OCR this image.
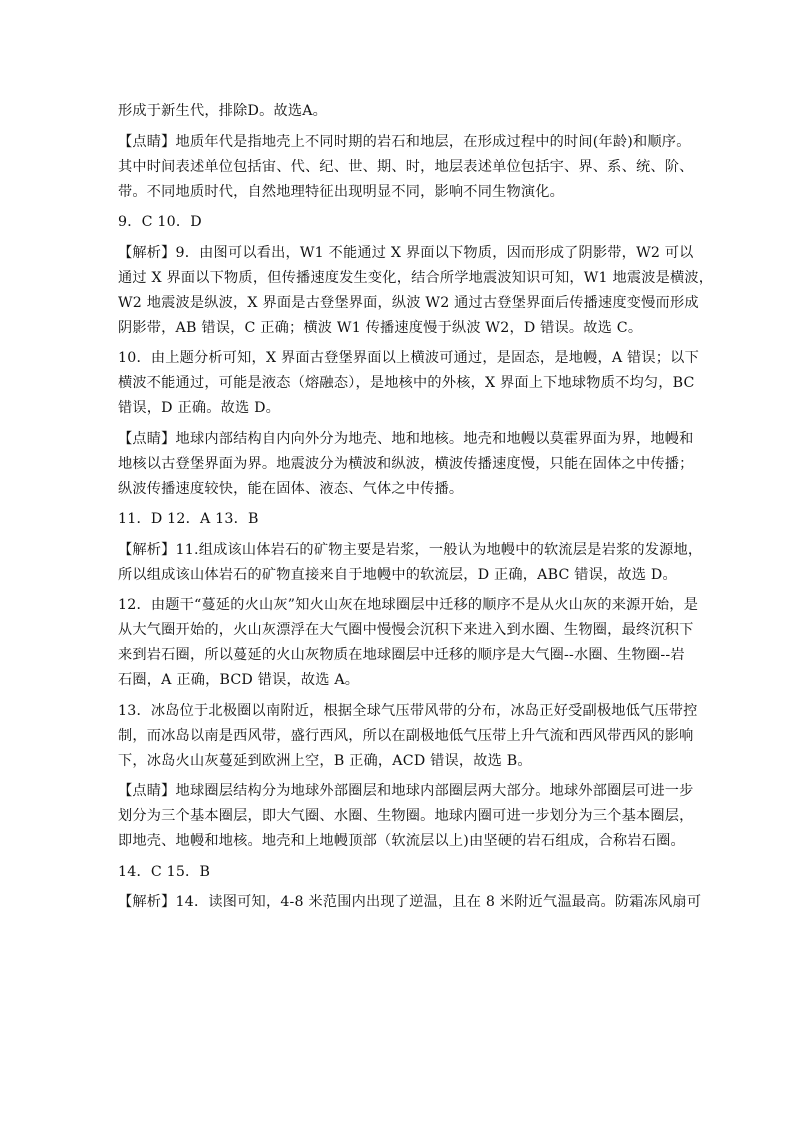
形成于新生代，排除D。故选A。
【点睛】地质年代是指地壳上不同时期的岩石和地层，在形成过程中的时间(年龄)和顺序。
其中时间表述单位包括宙、代、纪、世、期、时，地层表述单位包括宇、界、系、统、阶、
带。不同地质时代，自然地理特征出现明显不同，影响不同生物演化。
9．C 10．D
【解析】9．由图可以看出，W1 不能通过 X 界面以下物质，因而形成了阴影带，W2 可以
通过 X 界面以下物质，但传播速度发生变化，结合所学地震波知识可知，W1 地震波是横波，
W2 地震波是纵波，X 界面是古登堡界面，纵波 W2 通过古登堡界面后传播速度变慢而形成
阴影带，AB 错误，C 正确；横波 W1 传播速度慢于纵波 W2，D 错误。故选 C。
10．由上题分析可知，X 界面古登堡界面以上横波可通过，是固态，是地幔，A 错误；以下
横波不能通过，可能是液态（熔融态），是地核中的外核，X 界面上下地球物质不均匀，BC
错误，D 正确。故选 D。
【点睛】地球内部结构自内向外分为地壳、地和地核。地壳和地幔以莫霍界面为界，地幔和
地核以古登堡界面为界。地震波分为横波和纵波，横波传播速度慢，只能在固体之中传播；
纵波传播速度较快，能在固体、液态、气体之中传播。
11．D 12．A 13．B
【解析】11.组成该山体岩石的矿物主要是岩浆，一般认为地幔中的软流层是岩浆的发源地，
所以组成该山体岩石的矿物直接来自于地幔中的软流层，D 正确，ABC 错误，故选 D。
12．由题干“蔓延的火山灰”知火山灰在地球圈层中迁移的顺序不是从火山灰的来源开始，是
从大气圈开始的，火山灰漂浮在大气圈中慢慢会沉积下来进入到水圈、生物圈，最终沉积下
来到岩石圈，所以蔓延的火山灰物质在地球圈层中迁移的顺序是大气圈--水圈、生物圈--岩
石圈，A 正确，BCD 错误，故选 A。
13．冰岛位于北极圈以南附近，根据全球气压带风带的分布，冰岛正好受副极地低气压带控
制，而冰岛以南是西风带，盛行西风，所以在副极地低气压带上升气流和西风带西风的影响
下，冰岛火山灰蔓延到欧洲上空，B 正确，ACD 错误，故选 B。
【点睛】地球圈层结构分为地球外部圈层和地球内部圈层两大部分。地球外部圈层可进一步
划分为三个基本圈层，即大气圈、水圈、生物圈。地球内圈可进一步划分为三个基本圈层，
即地壳、地幔和地核。地壳和上地幔顶部（软流层以上)由坚硬的岩石组成，合称岩石圈。
14．C 15．B
【解析】14．读图可知，4-8 米范围内出现了逆温，且在 8 米附近气温最高。防霜冻风扇可
